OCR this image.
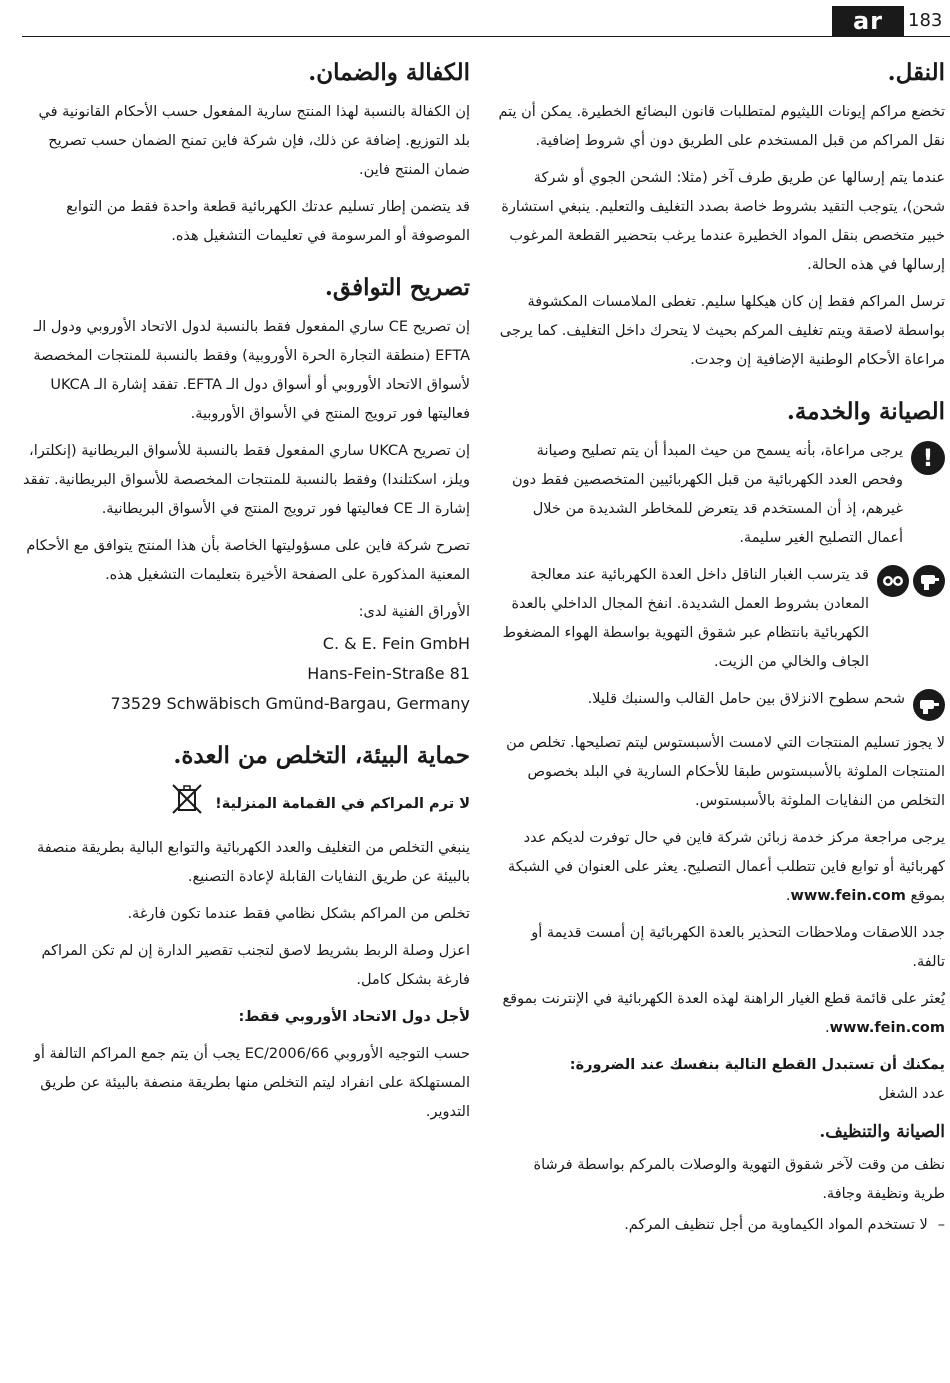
ar	183
النقل.

تخضع مراكم إيونات الليثيوم لمتطلبات قانون البضائع الخطيرة. يمكن أن يتم نقل المراكم من قبل المستخدم على الطريق دون أي شروط إضافية.

عندما يتم إرسالها عن طريق طرف آخر (مثلا: الشحن الجوي أو شركة شحن)، يتوجب التقيد بشروط خاصة بصدد التغليف والتعليم. ينبغي استشارة خبير متخصص بنقل المواد الخطيرة عندما يرغب بتحضير القطعة المرغوب إرسالها في هذه الحالة.

ترسل المراكم فقط إن كان هيكلها سليم. تغطى الملامسات المكشوفة بواسطة لاصقة ويتم تغليف المركم بحيث لا يتحرك داخل التغليف. كما يرجى مراعاة الأحكام الوطنية الإضافية إن وجدت.

الصيانة والخدمة.
!
يرجى مراعاة، بأنه يسمح من حيث المبدأ أن يتم تصليح وصيانة وفحص العدد الكهربائية من قبل الكهربائيين المتخصصين فقط دون غيرهم، إذ أن المستخدم قد يتعرض للمخاطر الشديدة من خلال أعمال التصليح الغير سليمة.
قد يترسب الغبار الناقل داخل العدة الكهربائية عند معالجة المعادن بشروط العمل الشديدة. انفخ المجال الداخلي بالعدة الكهربائية بانتظام عبر شقوق التهوية بواسطة الهواء المضغوط الجاف والخالي من الزيت.
شحم سطوح الانزلاق بين حامل القالب والسنبك قليلا.

لا يجوز تسليم المنتجات التي لامست الأسبستوس ليتم تصليحها. تخلص من المنتجات الملوثة بالأسبستوس طبقا للأحكام السارية في البلد بخصوص التخلص من النفايات الملوثة بالأسبستوس.

يرجى مراجعة مركز خدمة زبائن شركة فاين في حال توفرت لديكم عدد كهربائية أو توابع فاين تتطلب أعمال التصليح. يعثر على العنوان في الشبكة بموقع www.fein.com.

جدد اللاصقات وملاحظات التحذير بالعدة الكهربائية إن أمست قديمة أو تالفة.

يُعثر على قائمة قطع الغيار الراهنة لهذه العدة الكهربائية في الإنترنت بموقع www.fein.com.

يمكنك أن تستبدل القطع التالية بنفسك عند الضرورة:

عدد الشغل

الصيانة والتنظيف.

نظف من وقت لآخر شقوق التهوية والوصلات بالمركم بواسطة فرشاة طرية ونظيفة وجافة.

–
لا تستخدم المواد الكيماوية من أجل تنظيف المركم.
الكفالة والضمان.

إن الكفالة بالنسبة لهذا المنتج سارية المفعول حسب الأحكام القانونية في بلد التوزيع. إضافة عن ذلك، فإن شركة فاين تمنح الضمان حسب تصريح ضمان المنتج فاين.

قد يتضمن إطار تسليم عدتك الكهربائية قطعة واحدة فقط من التوابع الموصوفة أو المرسومة في تعليمات التشغيل هذه.

تصريح التوافق.

إن تصريح CE ساري المفعول فقط بالنسبة لدول الاتحاد الأوروبي ودول الـ EFTA (منطقة التجارة الحرة الأوروبية) وفقط بالنسبة للمنتجات المخصصة لأسواق الاتحاد الأوروبي أو أسواق دول الـ EFTA. تفقد إشارة الـ UKCA فعاليتها فور ترويج المنتج في الأسواق الأوروبية.

إن تصريح UKCA ساري المفعول فقط بالنسبة للأسواق البريطانية (إنكلترا، ويلز، اسكتلندا) وفقط بالنسبة للمنتجات المخصصة للأسواق البريطانية. تفقد إشارة الـ CE فعاليتها فور ترويج المنتج في الأسواق البريطانية.

تصرح شركة فاين على مسؤوليتها الخاصة بأن هذا المنتج يتوافق مع الأحكام المعنية المذكورة على الصفحة الأخيرة بتعليمات التشغيل هذه.

الأوراق الفنية لدى:

C. & E. Fein GmbH

Hans-Fein-Straße 81

73529 Schwäbisch Gmünd-Bargau, Germany

حماية البيئة، التخلص من العدة.
لا ترم المراكم في القمامة المنزلية!

ينبغي التخلص من التغليف والعدد الكهربائية والتوابع البالية بطريقة منصفة بالبيئة عن طريق النفايات القابلة لإعادة التصنيع.

تخلص من المراكم بشكل نظامي فقط عندما تكون فارغة.

اعزل وصلة الربط بشريط لاصق لتجنب تقصير الدارة إن لم تكن المراكم فارغة بشكل كامل.

لأجل دول الاتحاد الأوروبي فقط:

حسب التوجيه الأوروبي 2006/66/EC يجب أن يتم جمع المراكم التالفة أو المستهلكة على انفراد ليتم التخلص منها بطريقة منصفة بالبيئة عن طريق التدوير.
